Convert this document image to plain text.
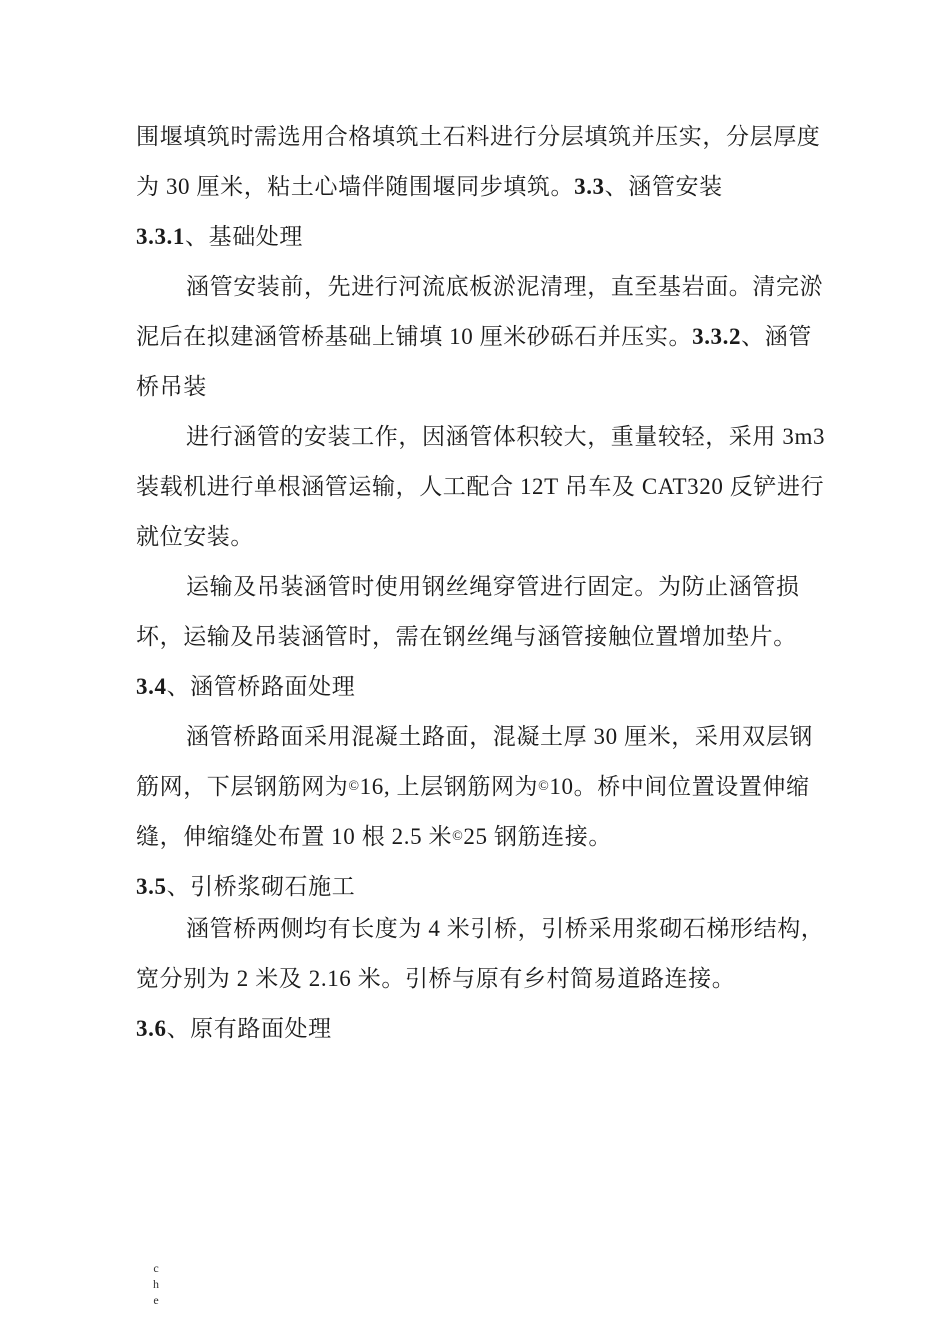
围堰填筑时需选用合格填筑土石料进行分层填筑并压实，分层厚度为 30 厘米，粘土心墙伴随围堰同步填筑。3.3、涵管安装

3.3.1、基础处理

涵管安装前，先进行河流底板淤泥清理，直至基岩面。清完淤泥后在拟建涵管桥基础上铺填 10 厘米砂砾石并压实。3.3.2、涵管桥吊装

进行涵管的安装工作，因涵管体积较大，重量较轻，采用 3m3 装载机进行单根涵管运输，人工配合 12T 吊车及 CAT320 反铲进行就位安装。

运输及吊装涵管时使用钢丝绳穿管进行固定。为防止涵管损坏，运输及吊装涵管时，需在钢丝绳与涵管接触位置增加垫片。

3.4、涵管桥路面处理

涵管桥路面采用混凝土路面，混凝土厚 30 厘米，采用双层钢筋网，下层钢筋网为©16, 上层钢筋网为©10。桥中间位置设置伸缩缝，伸缩缝处布置 10 根 2.5 米©25 钢筋连接。

3.5、引桥浆砌石施工

涵管桥两侧均有长度为 4 米引桥，引桥采用浆砌石梯形结构，宽分别为 2 米及 2.16 米。引桥与原有乡村简易道路连接。

3.6、原有路面处理

c
h
e
